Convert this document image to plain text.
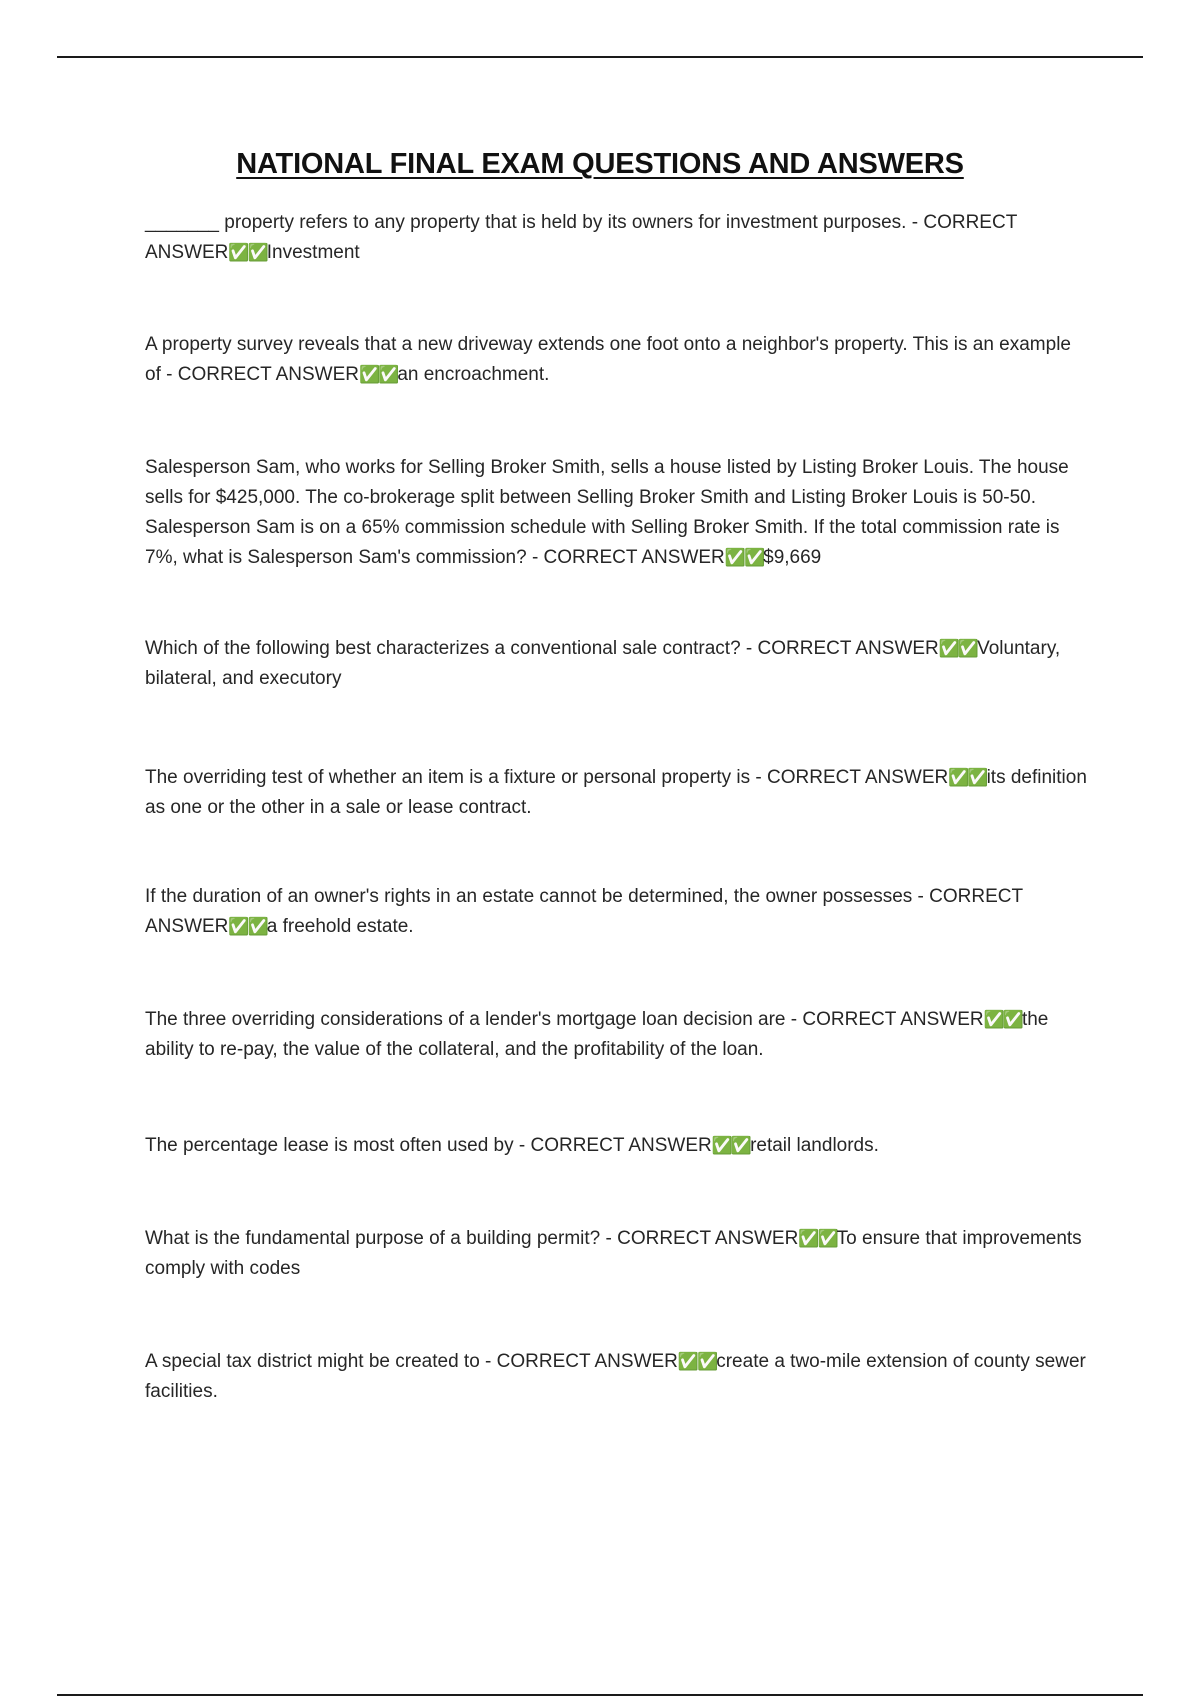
NATIONAL FINAL EXAM QUESTIONS AND ANSWERS

_______ property refers to any property that is held by its owners for investment purposes. - CORRECT ANSWER✅✅Investment

A property survey reveals that a new driveway extends one foot onto a neighbor's property. This is an example of - CORRECT ANSWER✅✅an encroachment.

Salesperson Sam, who works for Selling Broker Smith, sells a house listed by Listing Broker Louis. The house sells for $425,000. The co-brokerage split between Selling Broker Smith and Listing Broker Louis is 50-50. Salesperson Sam is on a 65% commission schedule with Selling Broker Smith. If the total commission rate is 7%, what is Salesperson Sam's commission? - CORRECT ANSWER✅✅$9,669

Which of the following best characterizes a conventional sale contract? - CORRECT ANSWER✅✅Voluntary, bilateral, and executory

The overriding test of whether an item is a fixture or personal property is - CORRECT ANSWER✅✅its definition as one or the other in a sale or lease contract.

If the duration of an owner's rights in an estate cannot be determined, the owner possesses - CORRECT ANSWER✅✅a freehold estate.

The three overriding considerations of a lender's mortgage loan decision are - CORRECT ANSWER✅✅the ability to re-pay, the value of the collateral, and the profitability of the loan.

The percentage lease is most often used by - CORRECT ANSWER✅✅retail landlords.

What is the fundamental purpose of a building permit? - CORRECT ANSWER✅✅To ensure that improvements comply with codes

A special tax district might be created to - CORRECT ANSWER✅✅create a two-mile extension of county sewer facilities.
